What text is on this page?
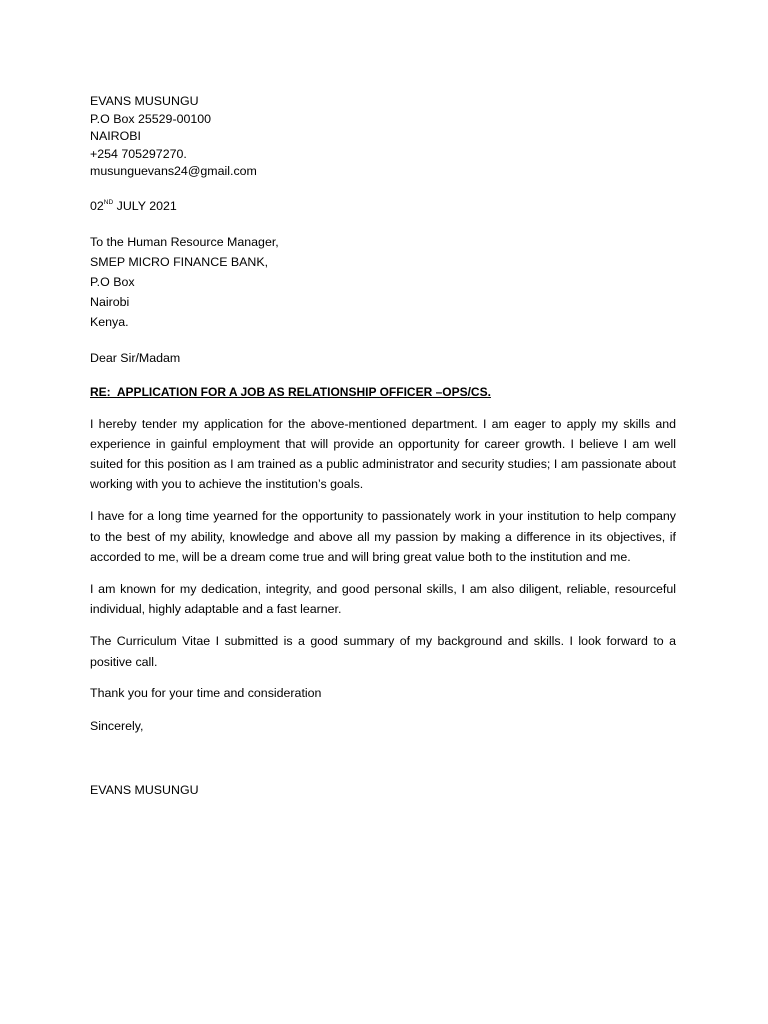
EVANS MUSUNGU
P.O Box 25529-00100
NAIROBI
+254 705297270.
musunguevans24@gmail.com
02ND JULY 2021
To the Human Resource Manager,
SMEP MICRO FINANCE BANK,
P.O Box
Nairobi
Kenya.
Dear Sir/Madam
RE:  APPLICATION FOR A JOB AS RELATIONSHIP OFFICER –OPS/CS.

I hereby tender my application for the above-mentioned department. I am eager to apply my skills and experience in gainful employment that will provide an opportunity for career growth. I believe I am well suited for this position as I am trained as a public administrator and security studies; I am passionate about working with you to achieve the institution’s goals.

I have for a long time yearned for the opportunity to passionately work in your institution to help company to the best of my ability, knowledge and above all my passion by making a difference in its objectives, if accorded to me, will be a dream come true and will bring great value both to the institution and me.

I am known for my dedication, integrity, and good personal skills, I am also diligent, reliable, resourceful individual, highly adaptable and a fast learner.

The Curriculum Vitae I submitted is a good summary of my background and skills. I look forward to a positive call.

Thank you for your time and consideration
Sincerely,
EVANS MUSUNGU
